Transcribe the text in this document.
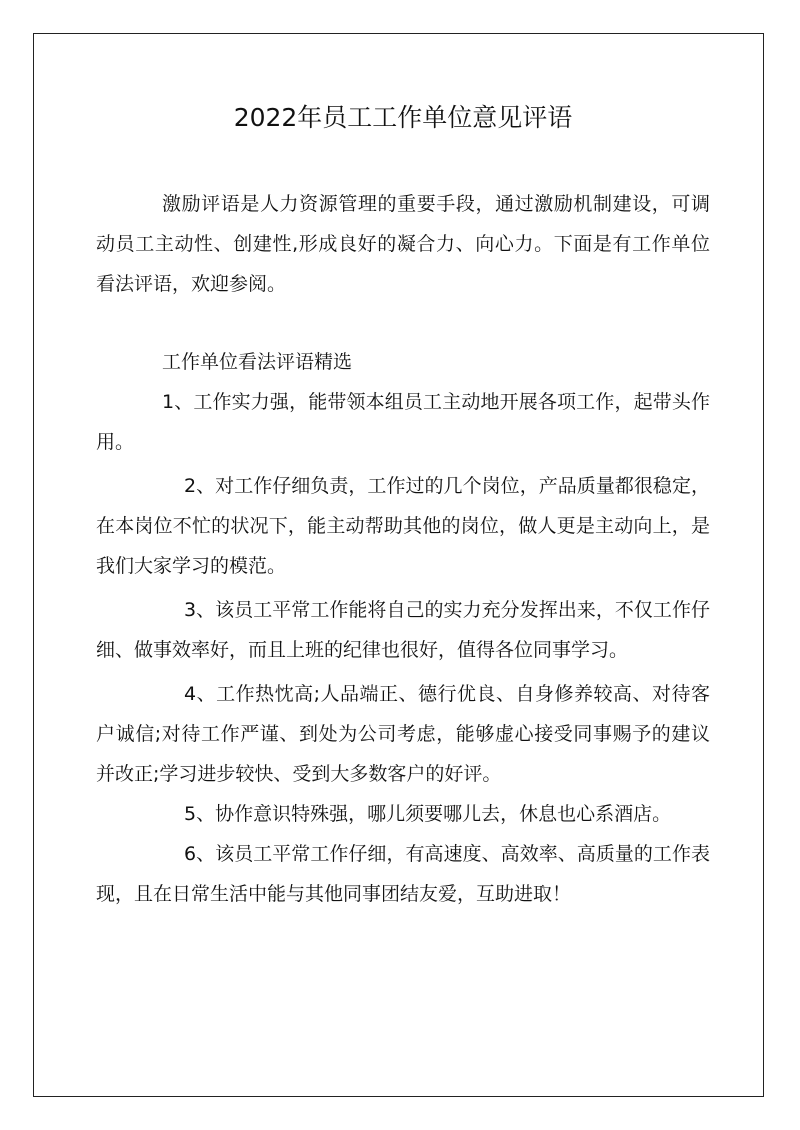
2022年员工工作单位意见评语

激励评语是人力资源管理的重要手段，通过激励机制建设，可调动员工主动性、创建性,形成良好的凝合力、向心力。下面是有工作单位看法评语，欢迎参阅。

工作单位看法评语精选

1、工作实力强，能带领本组员工主动地开展各项工作，起带头作用。

2、对工作仔细负责，工作过的几个岗位，产品质量都很稳定，在本岗位不忙的状况下，能主动帮助其他的岗位，做人更是主动向上，是我们大家学习的模范。

3、该员工平常工作能将自己的实力充分发挥出来，不仅工作仔细、做事效率好，而且上班的纪律也很好，值得各位同事学习。

4、工作热忱高;人品端正、德行优良、自身修养较高、对待客户诚信;对待工作严谨、到处为公司考虑，能够虚心接受同事赐予的建议并改正;学习进步较快、受到大多数客户的好评。

5、协作意识特殊强，哪儿须要哪儿去，休息也心系酒店。

6、该员工平常工作仔细，有高速度、高效率、高质量的工作表现，且在日常生活中能与其他同事团结友爱，互助进取！
